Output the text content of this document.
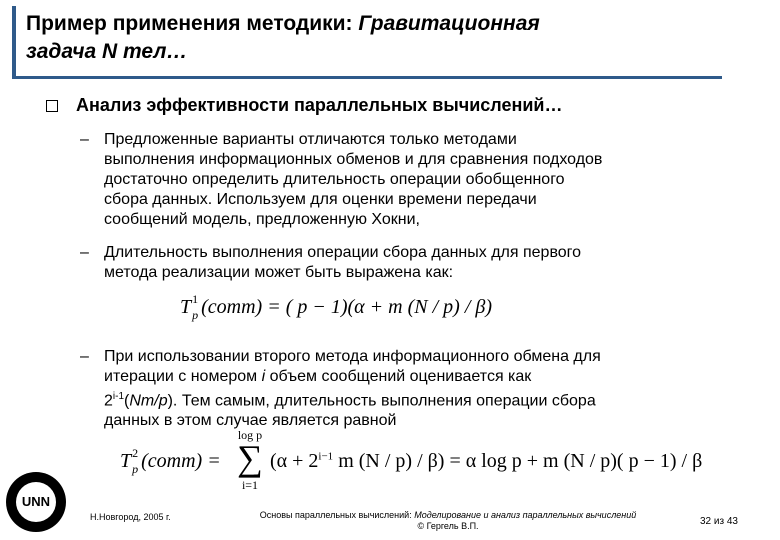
Пример применения методики: Гравитационная
задача N тел…
Анализ эффективности параллельных вычислений…
– Предложенные варианты отличаются только методами
выполнения информационных обменов и для сравнения подходов
достаточно определить длительность операции обобщенного
сбора данных. Используем для оценки времени передачи
сообщений модель, предложенную Хокни,
– Длительность выполнения операции сбора данных для первого
метода реализации может быть выражена как:
T 1
p (comm) = ( p − 1)(α + m (N / p) / β)
– При использовании второго метода информационного обмена для
итерации с номером i объем сообщений оценивается как
2$^{i-1}$(Nm/p). Тем самым, длительность выполнения операции сбора
данных в этом случае является равной
T 2
p (comm) =
log p
∑
i=1
($\alpha + 2^{i-1}$ m (N / p) / β) = α log p + m (N / p)( p − 1) / β
UNN
Н.Новгород, 2005 г.	Основы параллельных вычислений: Моделирование и анализ параллельных вычислений
© Гергель В.П.	32 из 43
